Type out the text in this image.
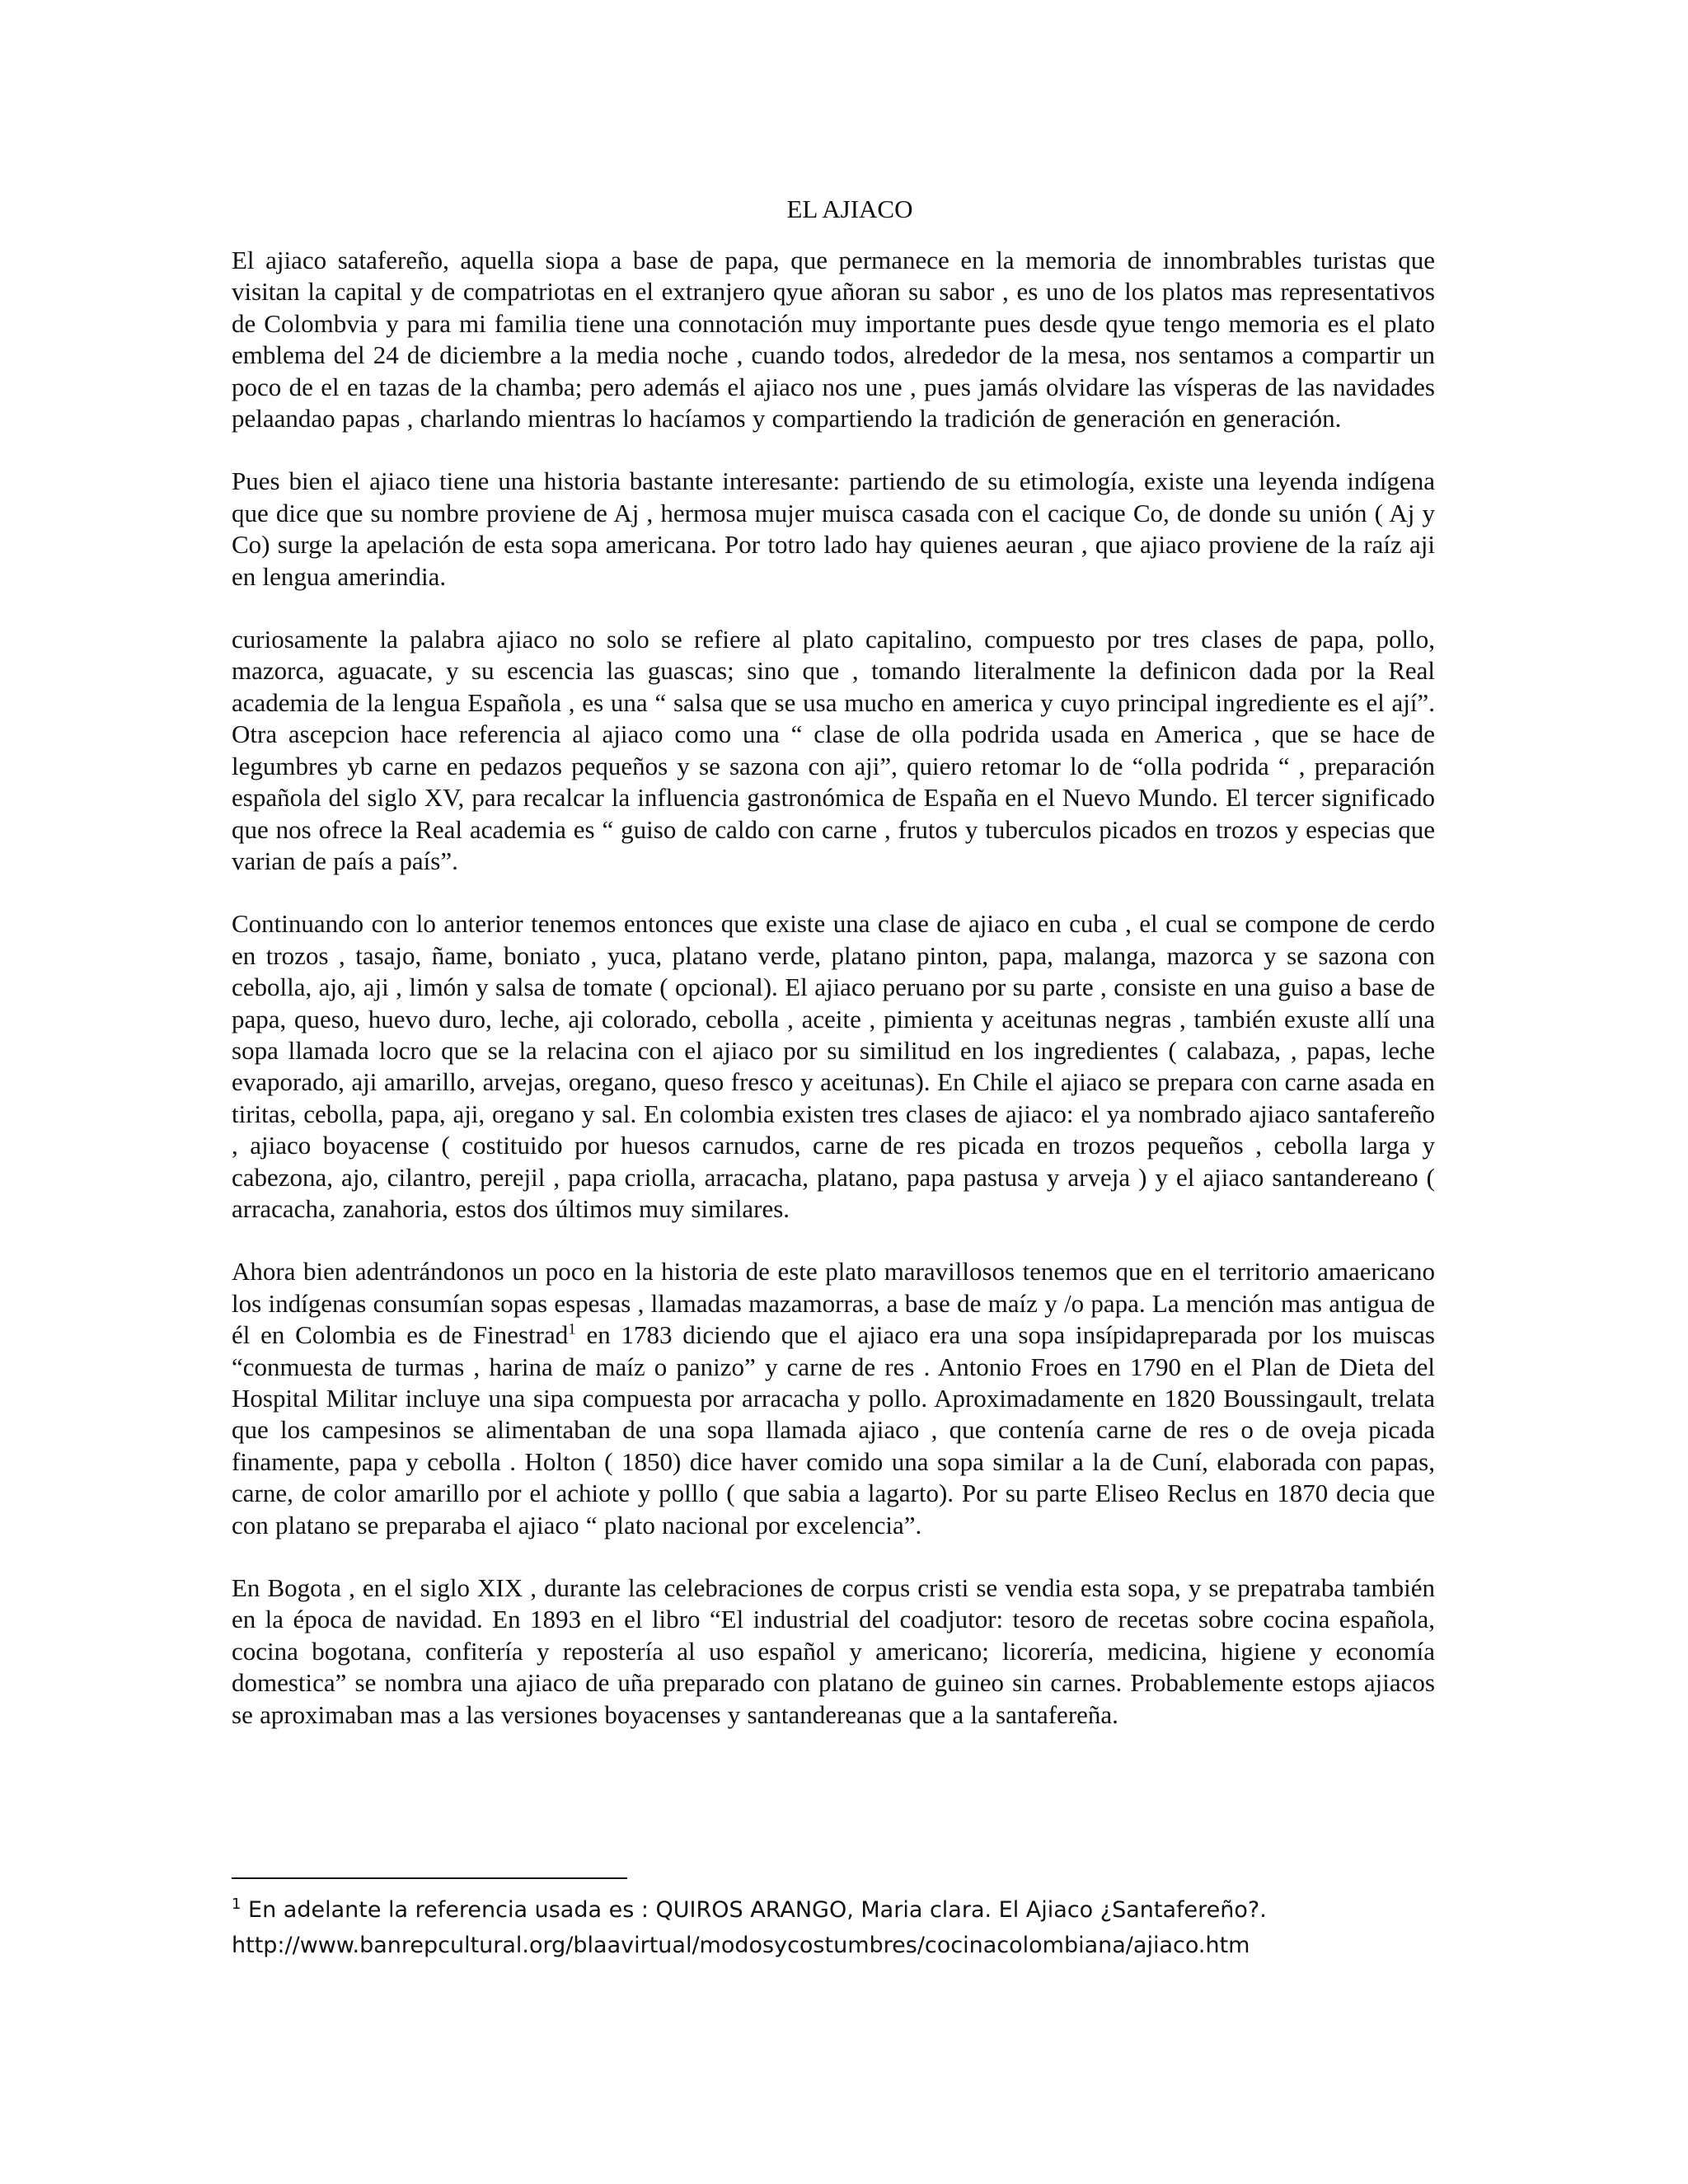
EL AJIACO

El ajiaco satafereño, aquella siopa a base de papa, que permanece en la memoria de innombrables turistas que visitan la capital y de compatriotas en el extranjero qyue añoran su sabor , es uno de los platos mas representativos de Colombvia y para mi familia tiene una connotación muy importante pues desde qyue tengo memoria es el plato emblema del 24 de diciembre a la media noche , cuando todos, alrededor de la mesa, nos sentamos a compartir un poco de el en tazas de la chamba; pero además el ajiaco nos une , pues jamás olvidare las vísperas de las navidades pelaandao papas , charlando mientras lo hacíamos y compartiendo la tradición de generación en generación.

Pues bien el ajiaco tiene una historia bastante interesante: partiendo de su etimología, existe una leyenda indígena que dice que su nombre proviene de Aj , hermosa mujer muisca casada con el cacique Co, de donde su unión ( Aj y Co) surge la apelación de esta sopa americana. Por totro lado hay quienes aeuran , que ajiaco proviene de la raíz aji en lengua amerindia.

curiosamente la palabra ajiaco no solo se refiere al plato capitalino, compuesto por tres clases de papa, pollo, mazorca, aguacate, y su escencia las guascas; sino que , tomando literalmente la definicon dada por la Real academia de la lengua Española , es una “ salsa que se usa mucho en america y cuyo principal ingrediente es el ají”. Otra ascepcion hace referencia al ajiaco como una “ clase de olla podrida usada en America , que se hace de legumbres yb carne en pedazos pequeños y se sazona con aji”, quiero retomar lo de “olla podrida “ , preparación española del siglo XV, para recalcar la influencia gastronómica de España en el Nuevo Mundo. El tercer significado que nos ofrece la Real academia es “ guiso de caldo con carne , frutos y tuberculos picados en trozos y especias que varian de país a país”.

Continuando con lo anterior tenemos entonces que existe una clase de ajiaco en cuba , el cual se compone de cerdo en trozos , tasajo, ñame, boniato , yuca, platano verde, platano pinton, papa, malanga, mazorca y se sazona con cebolla, ajo, aji , limón y salsa de tomate ( opcional). El ajiaco peruano por su parte , consiste en una guiso a base de papa, queso, huevo duro, leche, aji colorado, cebolla , aceite , pimienta y aceitunas negras , también exuste allí una sopa llamada locro que se la relacina con el ajiaco por su similitud en los ingredientes ( calabaza, , papas, leche evaporado, aji amarillo, arvejas, oregano, queso fresco y aceitunas). En Chile el ajiaco se prepara con carne asada en tiritas, cebolla, papa, aji, oregano y sal. En colombia existen tres clases de ajiaco: el ya nombrado ajiaco santafereño , ajiaco boyacense ( costituido por huesos carnudos, carne de res picada en trozos pequeños , cebolla larga y cabezona, ajo, cilantro, perejil , papa criolla, arracacha, platano, papa pastusa y arveja ) y el ajiaco santandereano ( arracacha, zanahoria, estos dos últimos muy similares.

Ahora bien adentrándonos un poco en la historia de este plato maravillosos tenemos que en el territorio amaericano los indígenas consumían sopas espesas , llamadas mazamorras, a base de maíz y /o papa. La mención mas antigua de él en Colombia es de Finestrad$^1$ en 1783 diciendo que el ajiaco era una sopa insípidapreparada por los muiscas “conmuesta de turmas , harina de maíz o panizo” y carne de res . Antonio Froes en 1790 en el Plan de Dieta del Hospital Militar incluye una sipa compuesta por arracacha y pollo. Aproximadamente en 1820 Boussingault, trelata que los campesinos se alimentaban de una sopa llamada ajiaco , que contenía carne de res o de oveja picada finamente, papa y cebolla . Holton ( 1850) dice haver comido una sopa similar a la de Cuní, elaborada con papas, carne, de color amarillo por el achiote y polllo ( que sabia a lagarto). Por su parte Eliseo Reclus en 1870 decia que con platano se preparaba el ajiaco “ plato nacional por excelencia”.

En Bogota , en el siglo XIX , durante las celebraciones de corpus cristi se vendia esta sopa, y se prepatraba también en la época de navidad. En 1893 en el libro “El industrial del coadjutor: tesoro de recetas sobre cocina española, cocina bogotana, confitería y repostería al uso español y americano; licorería, medicina, higiene y economía domestica” se nombra una ajiaco de uña preparado con platano de guineo sin carnes. Probablemente estops ajiacos se aproximaban mas a las versiones boyacenses y santandereanas que a la santafereña.

$^1$ En adelante la referencia usada es : QUIROS ARANGO, Maria clara. El Ajiaco ¿Santafereño?.
http://www.banrepcultural.org/blaavirtual/modosycostumbres/cocinacolombiana/ajiaco.htm
